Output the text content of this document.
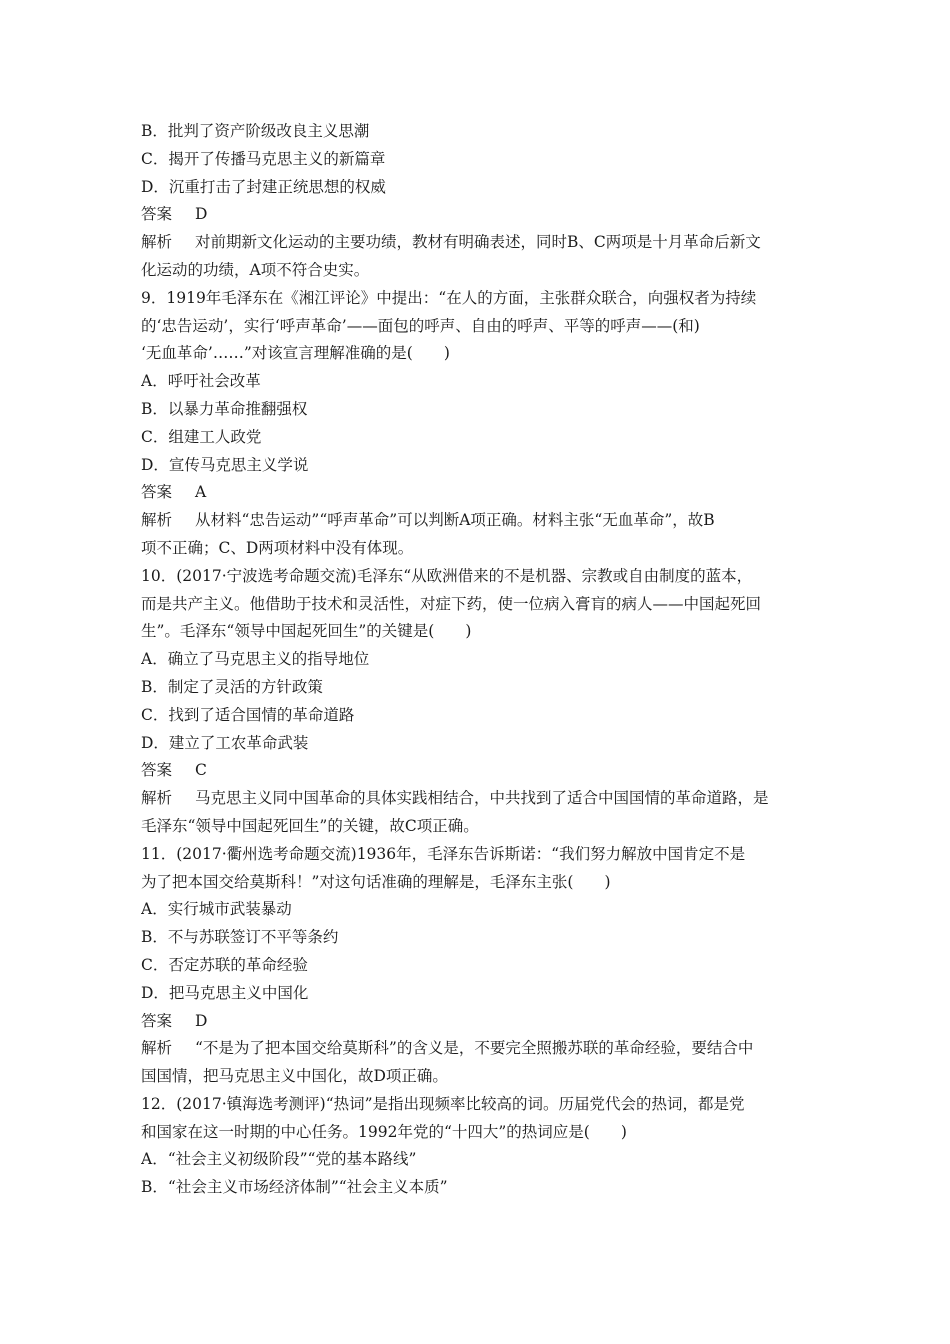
B．批判了资产阶级改良主义思潮
C．揭开了传播马克思主义的新篇章
D．沉重打击了封建正统思想的权威
答案 D
解析 对前期新文化运动的主要功绩，教材有明确表述，同时B、C两项是十月革命后新文
化运动的功绩，A项不符合史实。
9．1919年毛泽东在《湘江评论》中提出：“在人的方面，主张群众联合，向强权者为持续
的‘忠告运动’，实行‘呼声革命’——面包的呼声、自由的呼声、平等的呼声——(和)
‘无血革命’……”对该宣言理解准确的是(　　)
A．呼吁社会改革
B．以暴力革命推翻强权
C．组建工人政党
D．宣传马克思主义学说
答案 A
解析 从材料“忠告运动”“呼声革命”可以判断A项正确。材料主张“无血革命”，故B
项不正确；C、D两项材料中没有体现。
10．(2017·宁波选考命题交流)毛泽东“从欧洲借来的不是机器、宗教或自由制度的蓝本，
而是共产主义。他借助于技术和灵活性，对症下药，使一位病入膏肓的病人——中国起死回
生”。毛泽东“领导中国起死回生”的关键是(　　)
A．确立了马克思主义的指导地位
B．制定了灵活的方针政策
C．找到了适合国情的革命道路
D．建立了工农革命武装
答案 C
解析 马克思主义同中国革命的具体实践相结合，中共找到了适合中国国情的革命道路，是
毛泽东“领导中国起死回生”的关键，故C项正确。
11．(2017·衢州选考命题交流)1936年，毛泽东告诉斯诺：“我们努力解放中国肯定不是
为了把本国交给莫斯科！”对这句话准确的理解是，毛泽东主张(　　)
A．实行城市武装暴动
B．不与苏联签订不平等条约
C．否定苏联的革命经验
D．把马克思主义中国化
答案 D
解析 “不是为了把本国交给莫斯科”的含义是，不要完全照搬苏联的革命经验，要结合中
国国情，把马克思主义中国化，故D项正确。
12．(2017·镇海选考测评)“热词”是指出现频率比较高的词。历届党代会的热词，都是党
和国家在这一时期的中心任务。1992年党的“十四大”的热词应是(　　)
A．“社会主义初级阶段”“党的基本路线”
B．“社会主义市场经济体制”“社会主义本质”
